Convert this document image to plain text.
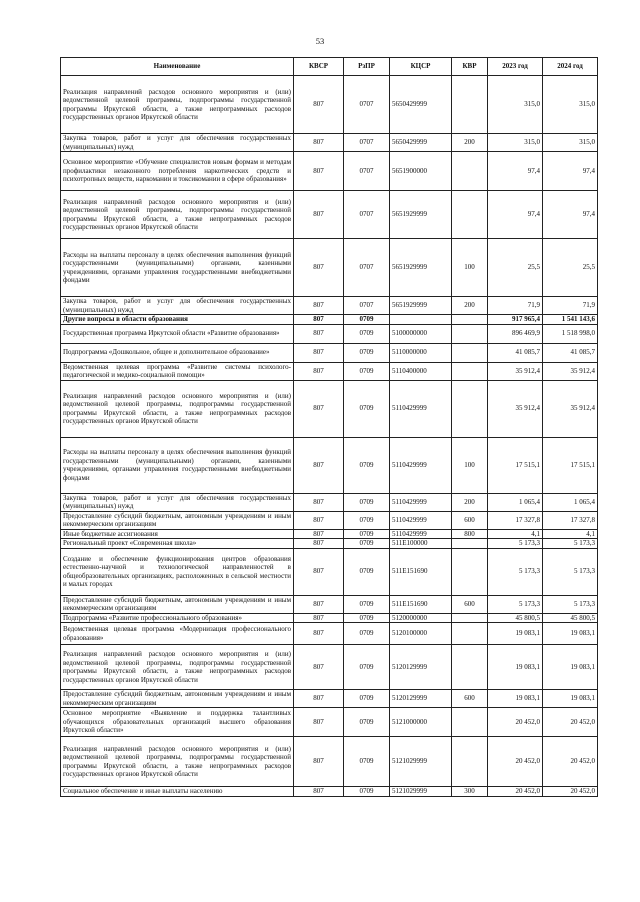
53
Наименование	КВСР	РзПР	КЦСР	КВР	2023 год	2024 год
Реализация направлений расходов основного мероприятия и (или) ведомственной целевой программы, подпрограммы государственной программы Иркутской области, а также непрограммных расходов государственных органов Иркутской области	807	0707	5650429999		315,0	315,0
Закупка товаров, работ и услуг для обеспечения государственных (муниципальных) нужд	807	0707	5650429999	200	315,0	315,0
Основное мероприятие «Обучение специалистов новым формам и методам профилактики незаконного потребления наркотических средств и психотропных веществ, наркомании и токсикомании в сфере образования»	807	0707	5651900000		97,4	97,4
Реализация направлений расходов основного мероприятия и (или) ведомственной целевой программы, подпрограммы государственной программы Иркутской области, а также непрограммных расходов государственных органов Иркутской области	807	0707	5651929999		97,4	97,4
Расходы на выплаты персоналу в целях обеспечения выполнения функций государственными (муниципальными) органами, казенными учреждениями, органами управления государственными внебюджетными фондами	807	0707	5651929999	100	25,5	25,5
Закупка товаров, работ и услуг для обеспечения государственных (муниципальных) нужд	807	0707	5651929999	200	71,9	71,9
Другие вопросы в области образования	807	0709			917 965,4	1 541 143,6
Государственная программа Иркутской области «Развитие образования»	807	0709	5100000000		896 469,9	1 518 998,0
Подпрограмма «Дошкольное, общее и дополнительное образование»	807	0709	5110000000		41 085,7	41 085,7
Ведомственная целевая программа «Развитие системы психолого-педагогической и медико-социальной помощи»	807	0709	5110400000		35 912,4	35 912,4
Реализация направлений расходов основного мероприятия и (или) ведомственной целевой программы, подпрограммы государственной программы Иркутской области, а также непрограммных расходов государственных органов Иркутской области	807	0709	5110429999		35 912,4	35 912,4
Расходы на выплаты персоналу в целях обеспечения выполнения функций государственными (муниципальными) органами, казенными учреждениями, органами управления государственными внебюджетными фондами	807	0709	5110429999	100	17 515,1	17 515,1
Закупка товаров, работ и услуг для обеспечения государственных (муниципальных) нужд	807	0709	5110429999	200	1 065,4	1 065,4
Предоставление субсидий бюджетным, автономным учреждениям и иным некоммерческим организациям	807	0709	5110429999	600	17 327,8	17 327,8
Иные бюджетные ассигнования	807	0709	5110429999	800	4,1	4,1
Региональный проект «Современная школа»	807	0709	511E100000		5 173,3	5 173,3
Создание и обеспечение функционирования центров образования естественно-научной и технологической направленностей в общеобразовательных организациях, расположенных в сельской местности и малых городах	807	0709	511E151690		5 173,3	5 173,3
Предоставление субсидий бюджетным, автономным учреждениям и иным некоммерческим организациям	807	0709	511E151690	600	5 173,3	5 173,3
Подпрограмма «Развитие профессионального образования»	807	0709	5120000000		45 800,5	45 800,5
Ведомственная целевая программа «Модернизация профессионального образования»	807	0709	5120100000		19 083,1	19 083,1
Реализация направлений расходов основного мероприятия и (или) ведомственной целевой программы, подпрограммы государственной программы Иркутской области, а также непрограммных расходов государственных органов Иркутской области	807	0709	5120129999		19 083,1	19 083,1
Предоставление субсидий бюджетным, автономным учреждениям и иным некоммерческим организациям	807	0709	5120129999	600	19 083,1	19 083,1
Основное мероприятие «Выявление и поддержка талантливых обучающихся образовательных организаций высшего образования Иркутской области»	807	0709	5121000000		20 452,0	20 452,0
Реализация направлений расходов основного мероприятия и (или) ведомственной целевой программы, подпрограммы государственной программы Иркутской области, а также непрограммных расходов государственных органов Иркутской области	807	0709	5121029999		20 452,0	20 452,0
Социальное обеспечение и иные выплаты населению	807	0709	5121029999	300	20 452,0	20 452,0
